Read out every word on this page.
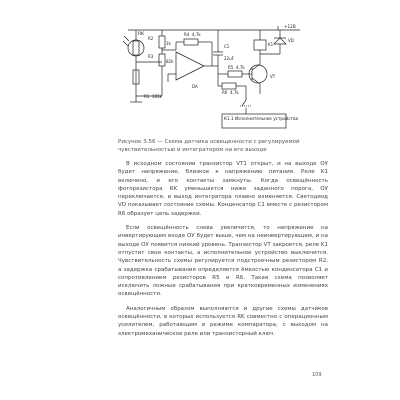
К1.1 Исполнительное устройство
RK
R2
1k
R3
82k
R4 4,7k
R5 4,7k
R6 4,7k
R1 100k
C1
22uF
K1
VD
VT
DA
+12В

Рисунок 3.56 — Схема датчика освещенности с регулируемой чувствительностью и интегратором на его выходе

В исходном состоянии транзистор VT1 открыт, и на выходе ОУ будет напряжение, близкое к напряжению питания. Реле K1 включено, и его контакты замкнуты. Когда освещённость фоторезистора RK уменьшается ниже заданного порога, ОУ переключается, и выход интегратора плавно изменяется. Светодиод VD показывает состояние схемы. Конденсатор C1 вместе с резистором R6 образует цепь задержки.

Если освещённость снова увеличится, то напряжение на инвертирующем входе ОУ будет выше, чем на неинвертирующем, и на выходе ОУ появится низкий уровень. Транзистор VT закроется, реле K1 отпустит свои контакты, а исполнительное устройство выключится. Чувствительность схемы регулируется подстроечным резистором R2, а задержка срабатывания определяется ёмкостью конденсатора C1 и сопротивлением резисторов R5 и R6. Такая схема позволяет исключить ложные срабатывания при кратковременных изменениях освещённости.

Аналогичным образом выполняются и другие схемы датчиков освещённости, в которых используется RK совместно с операционным усилителем, работающим в режиме компаратора, с выходом на электромеханическое реле или транзисторный ключ.

109
